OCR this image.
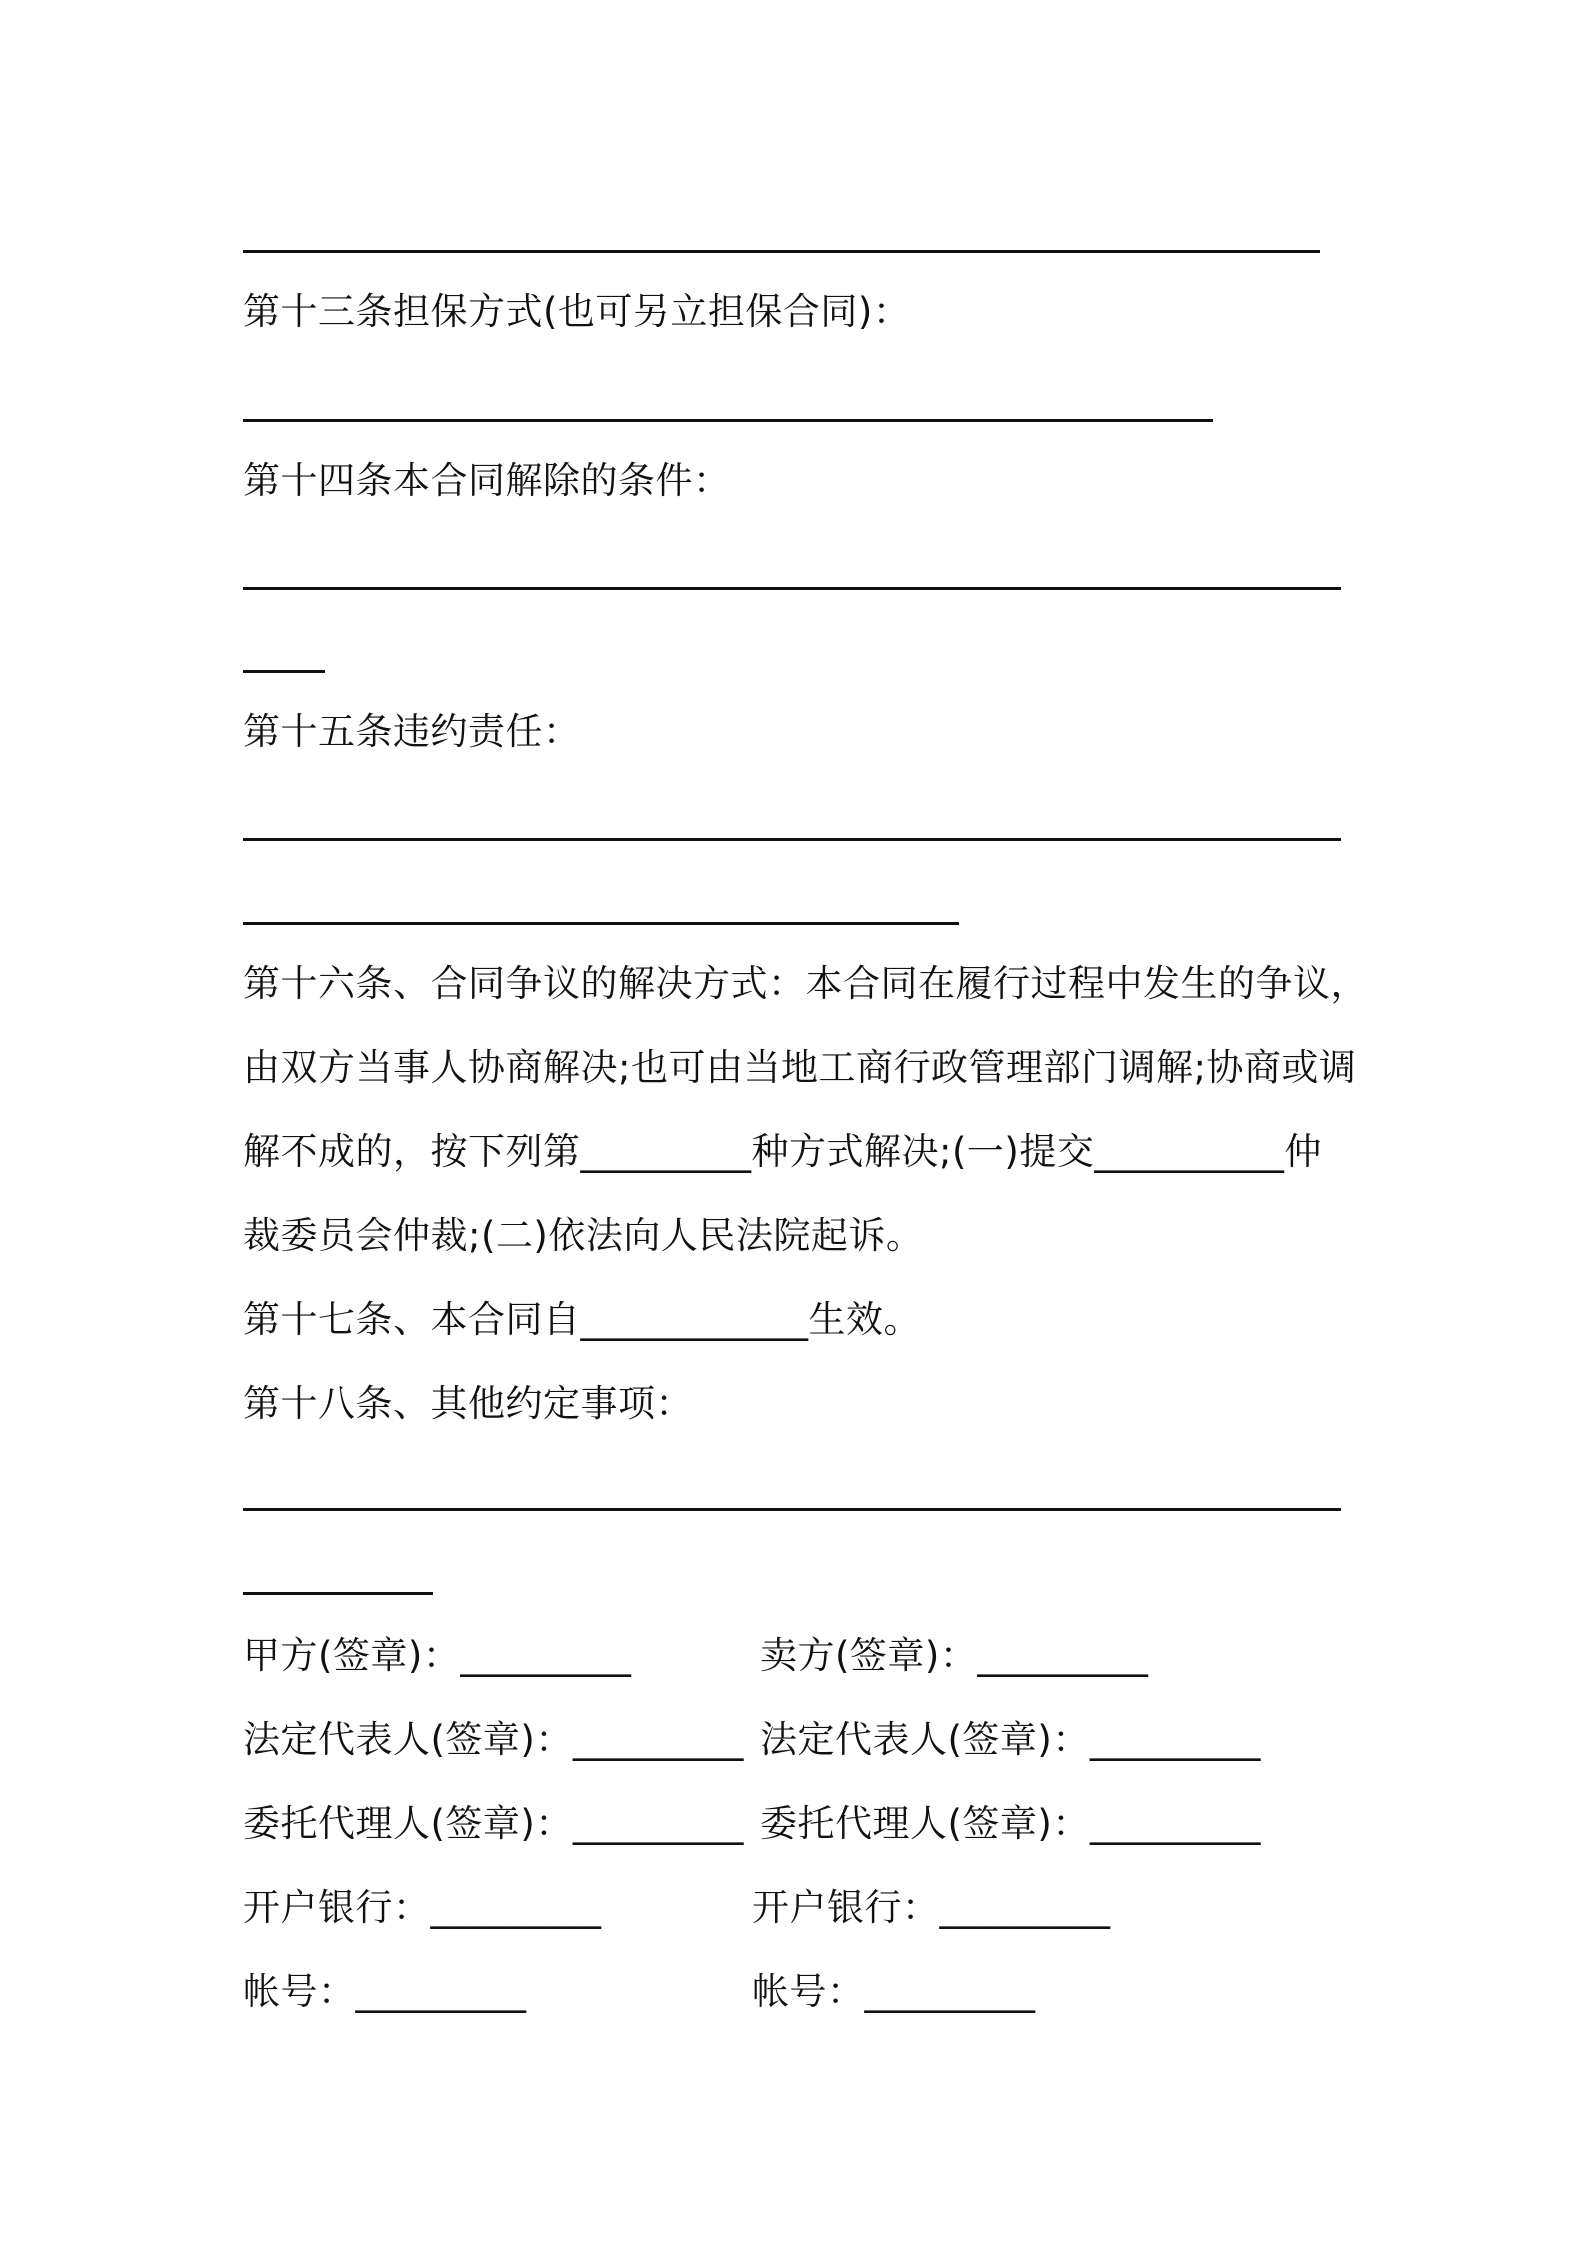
第十三条担保方式(也可另立担保合同)：
第十四条本合同解除的条件：
第十五条违约责任：
第十六条、合同争议的解决方式：本合同在履行过程中发生的争议，
由双方当事人协商解决;也可由当地工商行政管理部门调解;协商或调
解不成的，按下列第_________种方式解决;(一)提交__________仲
裁委员会仲裁;(二)依法向人民法院起诉。
第十七条、本合同自____________生效。
第十八条、其他约定事项：
甲方(签章)：_________	卖方(签章)：_________
法定代表人(签章)：_________ 法定代表人(签章)：_________
委托代理人(签章)：_________ 委托代理人(签章)：_________
开户银行：_________	开户银行：_________
帐号：_________	帐号：_________
